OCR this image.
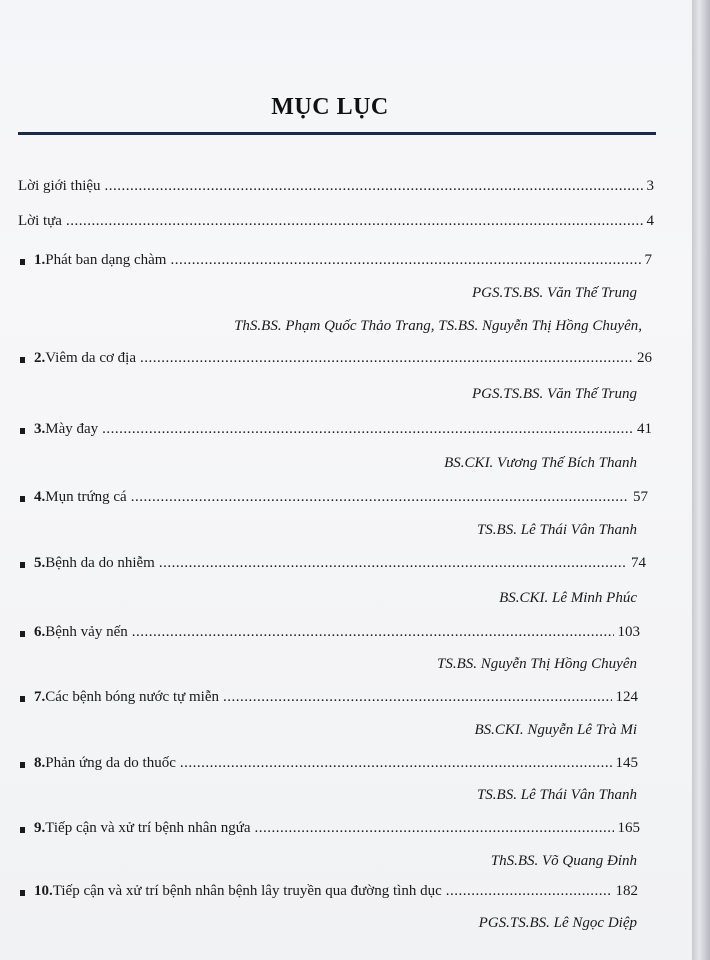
MỤC LỤC
Lời giới thiệu .....	3
Lời tựa .....	4
1. Phát ban dạng chàm .....	7
PGS.TS.BS. Văn Thế Trung
ThS.BS. Phạm Quốc Thảo Trang, TS.BS. Nguyễn Thị Hồng Chuyên,
2. Viêm da cơ địa .....	26
PGS.TS.BS. Văn Thế Trung
3. Mày đay .....	41
BS.CKI. Vương Thế Bích Thanh
4. Mụn trứng cá .....	57
TS.BS. Lê Thái Vân Thanh
5. Bệnh da do nhiễm .....	74
BS.CKI. Lê Minh Phúc
6. Bệnh vảy nến .....	103
TS.BS. Nguyễn Thị Hồng Chuyên
7. Các bệnh bóng nước tự miễn .....	124
BS.CKI. Nguyễn Lê Trà Mi
8. Phản ứng da do thuốc .....	145
TS.BS. Lê Thái Vân Thanh
9. Tiếp cận và xử trí bệnh nhân ngứa .....	165
ThS.BS. Võ Quang Đỉnh
10. Tiếp cận và xử trí bệnh nhân bệnh lây truyền qua đường tình dục .....	182
PGS.TS.BS. Lê Ngọc Diệp
